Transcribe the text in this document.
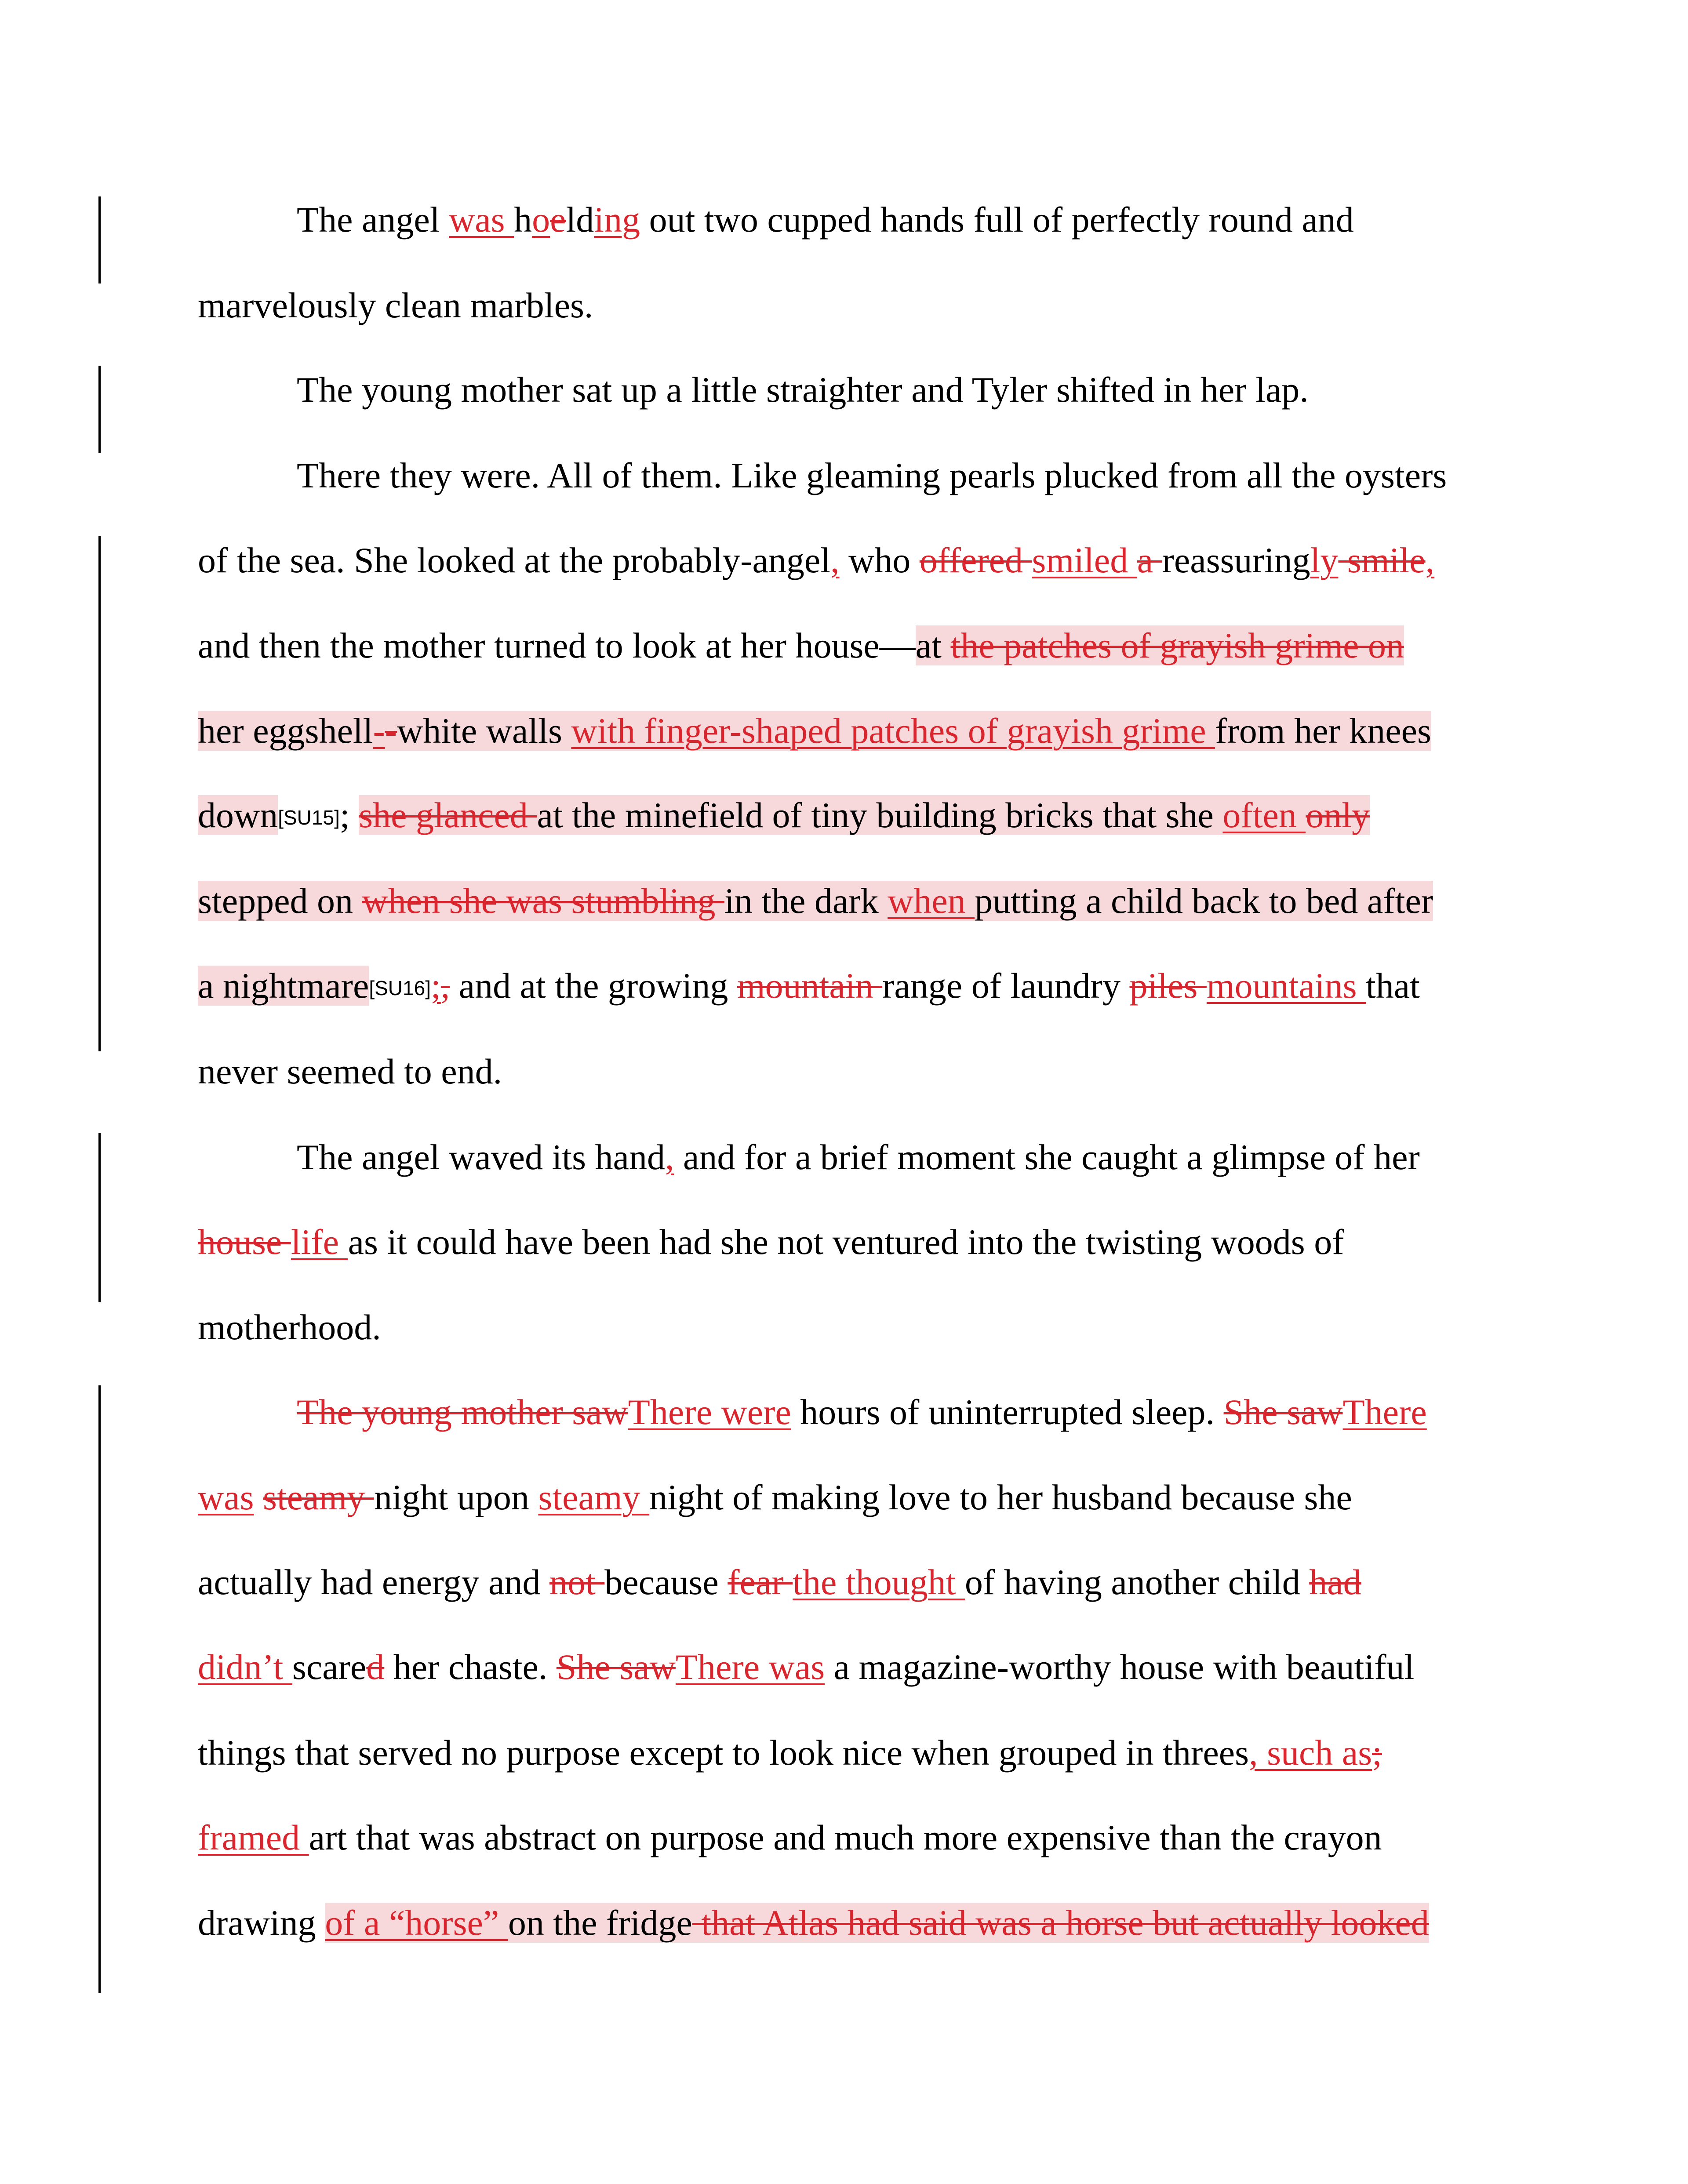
The angel was hoelding out two cupped hands full of perfectly round and
marvelously clean marbles.
The young mother sat up a little straighter and Tyler shifted in her lap.
There they were. All of them. Like gleaming pearls plucked from all the oysters
of the sea. She looked at the probably-angel, who offered smiled a reassuringly smile,
and then the mother turned to look at her house—at the patches of grayish grime on
her eggshell--white walls with finger-shaped patches of grayish grime from her knees
down[SU15]; she glanced at the minefield of tiny building bricks that she often only
stepped on when she was stumbling in the dark when putting a child back to bed after
a nightmare[SU16];, and at the growing mountain range of laundry piles mountains that
never seemed to end.
The angel waved its hand, and for a brief moment she caught a glimpse of her
house life as it could have been had she not ventured into the twisting woods of
motherhood.
The young mother sawThere were hours of uninterrupted sleep. She sawThere
was steamy night upon steamy night of making love to her husband because she
actually had energy and not because fear the thought of having another child had
didn’t scared her chaste. She sawThere was a magazine-worthy house with beautiful
things that served no purpose except to look nice when grouped in threes, such as;
framed art that was abstract on purpose and much more expensive than the crayon
drawing of a “horse” on the fridge that Atlas had said was a horse but actually looked
